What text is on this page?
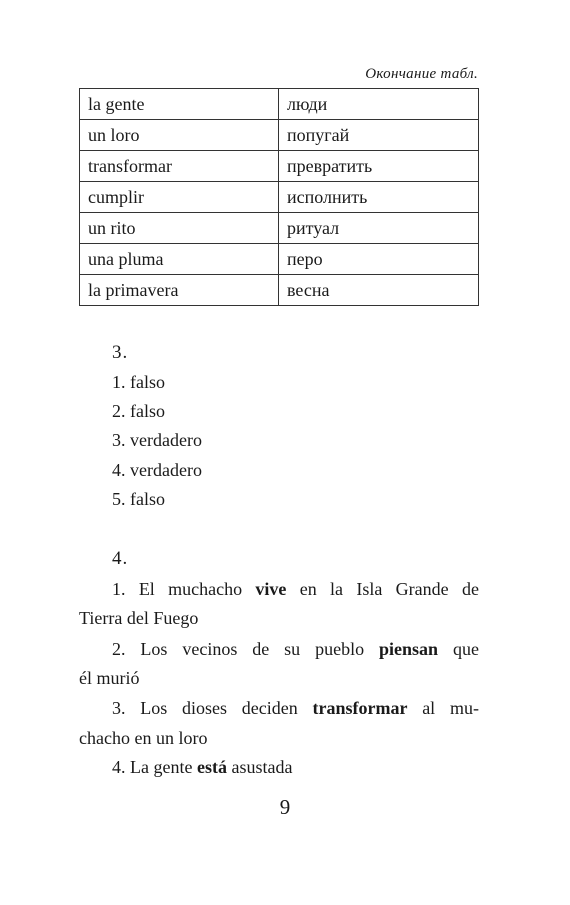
Окончание табл.
la gente	люди
un loro	попугай
transformar	превратить
cumplir	исполнить
un rito	ритуал
una pluma	перо
la primavera	весна
3.
1. falso
2. falso
3. verdadero
4. verdadero
5. falso
4.
1. El muchacho vive en la Isla Grande de
Tierra del Fuego
2. Los vecinos de su pueblo piensan que
él murió
3. Los dioses deciden transformar al mu-
chacho en un loro
4. La gente está asustada
9
